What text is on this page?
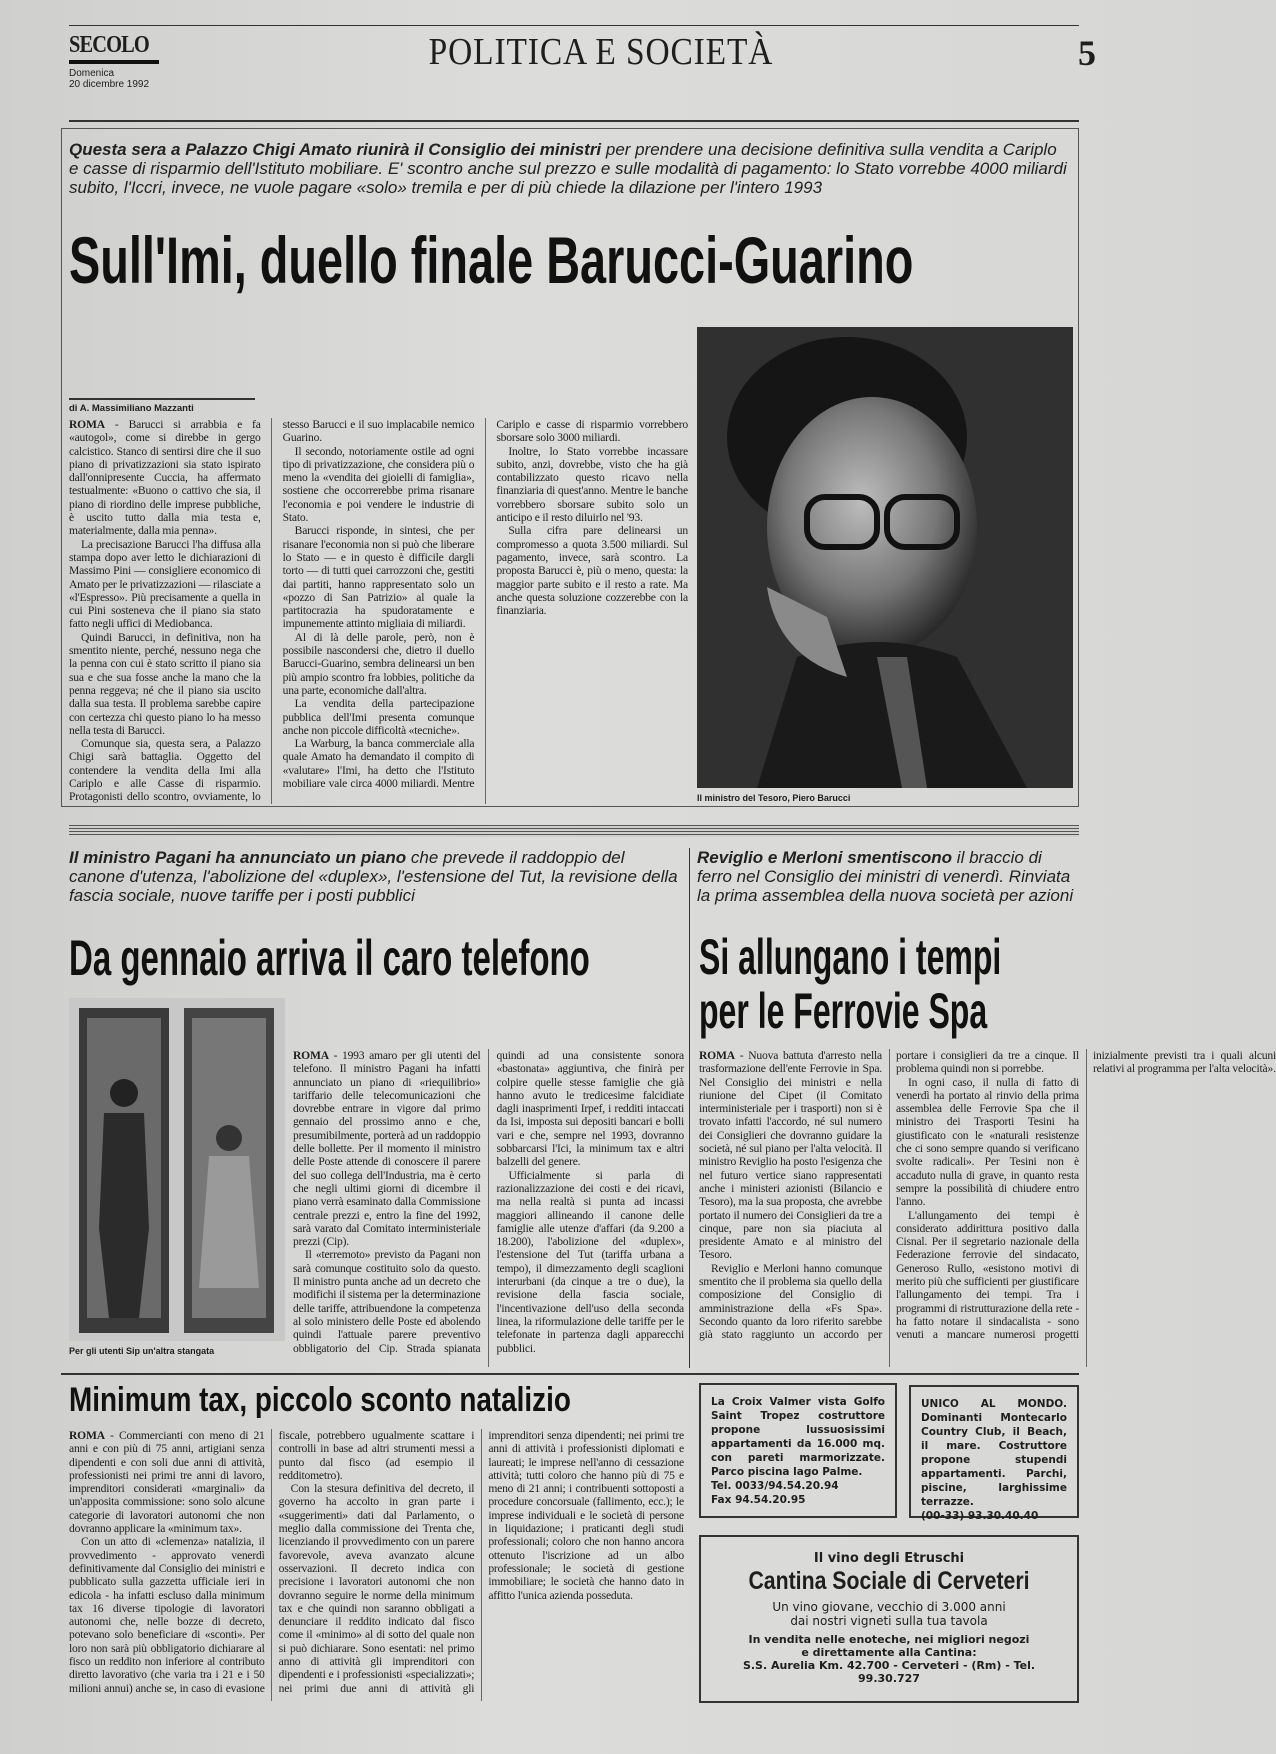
SECOLO
Domenica
20 dicembre 1992
POLITICA E SOCIETÀ	5
Questa sera a Palazzo Chigi Amato riunirà il Consiglio dei ministri per prendere una decisione definitiva sulla vendita a Cariplo e casse di risparmio dell'Istituto mobiliare. E' scontro anche sul prezzo e sulle modalità di pagamento: lo Stato vorrebbe 4000 miliardi subito, l'Iccri, invece, ne vuole pagare «solo» tremila e per di più chiede la dilazione per l'intero 1993
Sull'Imi, duello finale Barucci-Guarino
di A. Massimiliano Mazzanti

ROMA - Barucci si arrabbia e fa «autogol», come si direbbe in gergo calcistico. Stanco di sentirsi dire che il suo piano di privatizzazioni sia stato ispirato dall'onnipresente Cuccia, ha affermato testualmente: «Buono o cattivo che sia, il piano di riordino delle imprese pubbliche, è uscito tutto dalla mia testa e, materialmente, dalla mia penna».

La precisazione Barucci l'ha diffusa alla stampa dopo aver letto le dichiarazioni di Massimo Pini — consigliere economico di Amato per le privatizzazioni — rilasciate a «l'Espresso». Più precisamente a quella in cui Pini sosteneva che il piano sia stato fatto negli uffici di Mediobanca.

Quindi Barucci, in definitiva, non ha smentito niente, perché, nessuno nega che la penna con cui è stato scritto il piano sia sua e che sua fosse anche la mano che la penna reggeva; né che il piano sia uscito dalla sua testa. Il problema sarebbe capire con certezza chi questo piano lo ha messo nella testa di Barucci.

Comunque sia, questa sera, a Palazzo Chigi sarà battaglia. Oggetto del contendere la vendita della Imi alla Cariplo e alle Casse di risparmio. Protagonisti dello scontro, ovviamente, lo stesso Barucci e il suo implacabile nemico Guarino.

Il secondo, notoriamente ostile ad ogni tipo di privatizzazione, che considera più o meno la «vendita dei gioielli di famiglia», sostiene che occorrerebbe prima risanare l'economia e poi vendere le industrie di Stato.

Barucci risponde, in sintesi, che per risanare l'economia non si può che liberare lo Stato — e in questo è difficile dargli torto — di tutti quei carrozzoni che, gestiti dai partiti, hanno rappresentato solo un «pozzo di San Patrizio» al quale la partitocrazia ha spudoratamente e impunemente attinto migliaia di miliardi.

Al di là delle parole, però, non è possibile nascondersi che, dietro il duello Barucci-Guarino, sembra delinearsi un ben più ampio scontro fra lobbies, politiche da una parte, economiche dall'altra.

La vendita della partecipazione pubblica dell'Imi presenta comunque anche non piccole difficoltà «tecniche».

La Warburg, la banca commerciale alla quale Amato ha demandato il compito di «valutare» l'Imi, ha detto che l'Istituto mobiliare vale circa 4000 miliardi. Mentre Cariplo e casse di risparmio vorrebbero sborsare solo 3000 miliardi.

Inoltre, lo Stato vorrebbe incassare subito, anzi, dovrebbe, visto che ha già contabilizzato questo ricavo nella finanziaria di quest'anno. Mentre le banche vorrebbero sborsare subito solo un anticipo e il resto diluirlo nel '93.

Sulla cifra pare delinearsi un compromesso a quota 3.500 miliardi. Sul pagamento, invece, sarà scontro. La proposta Barucci è, più o meno, questa: la maggior parte subito e il resto a rate. Ma anche questa soluzione cozzerebbe con la finanziaria.

Il ministro del Tesoro, Piero Barucci
Il ministro Pagani ha annunciato un piano che prevede il raddoppio del canone d'utenza, l'abolizione del «duplex», l'estensione del Tut, la revisione della fascia sociale, nuove tariffe per i posti pubblici
Da gennaio arriva il caro telefono
Per gli utenti Sip un'altra stangata

ROMA - 1993 amaro per gli utenti del telefono. Il ministro Pagani ha infatti annunciato un piano di «riequilibrio» tariffario delle telecomunicazioni che dovrebbe entrare in vigore dal primo gennaio del prossimo anno e che, presumibilmente, porterà ad un raddoppio delle bollette. Per il momento il ministro delle Poste attende di conoscere il parere del suo collega dell'Industria, ma è certo che negli ultimi giorni di dicembre il piano verrà esaminato dalla Commissione centrale prezzi e, entro la fine del 1992, sarà varato dal Comitato interministeriale prezzi (Cip).

Il «terremoto» previsto da Pagani non sarà comunque costituito solo da questo. Il ministro punta anche ad un decreto che modifichi il sistema per la determinazione delle tariffe, attribuendone la competenza al solo ministero delle Poste ed abolendo quindi l'attuale parere preventivo obbligatorio del Cip. Strada spianata quindi ad una consistente sonora «bastonata» aggiuntiva, che finirà per colpire quelle stesse famiglie che già hanno avuto le tredicesime falcidiate dagli inasprimenti Irpef, i redditi intaccati da Isi, imposta sui depositi bancari e bolli vari e che, sempre nel 1993, dovranno sobbarcarsi l'Ici, la minimum tax e altri balzelli del genere.

Ufficialmente si parla di razionalizzazione dei costi e dei ricavi, ma nella realtà si punta ad incassi maggiori allineando il canone delle famiglie alle utenze d'affari (da 9.200 a 18.200), l'abolizione del «duplex», l'estensione del Tut (tariffa urbana a tempo), il dimezzamento degli scaglioni interurbani (da cinque a tre o due), la revisione della fascia sociale, l'incentivazione dell'uso della seconda linea, la riformulazione delle tariffe per le telefonate in partenza dagli apparecchi pubblici.

Reviglio e Merloni smentiscono il braccio di ferro nel Consiglio dei ministri di venerdì. Rinviata la prima assemblea della nuova società per azioni
Si allungano i tempi
per le Ferrovie Spa

ROMA - Nuova battuta d'arresto nella trasformazione dell'ente Ferrovie in Spa. Nel Consiglio dei ministri e nella riunione del Cipet (il Comitato interministeriale per i trasporti) non si è trovato infatti l'accordo, né sul numero dei Consiglieri che dovranno guidare la società, né sul piano per l'alta velocità. Il ministro Reviglio ha posto l'esigenza che nel futuro vertice siano rappresentati anche i ministeri azionisti (Bilancio e Tesoro), ma la sua proposta, che avrebbe portato il numero dei Consiglieri da tre a cinque, pare non sia piaciuta al presidente Amato e al ministro del Tesoro.

Reviglio e Merloni hanno comunque smentito che il problema sia quello della composizione del Consiglio di amministrazione della «Fs Spa». Secondo quanto da loro riferito sarebbe già stato raggiunto un accordo per portare i consiglieri da tre a cinque. Il problema quindi non si porrebbe.

In ogni caso, il nulla di fatto di venerdì ha portato al rinvio della prima assemblea delle Ferrovie Spa che il ministro dei Trasporti Tesini ha giustificato con le «naturali resistenze che ci sono sempre quando si verificano svolte radicali». Per Tesini non è accaduto nulla di grave, in quanto resta sempre la possibilità di chiudere entro l'anno.

L'allungamento dei tempi è considerato addirittura positivo dalla Cisnal. Per il segretario nazionale della Federazione ferrovie del sindacato, Generoso Rullo, «esistono motivi di merito più che sufficienti per giustificare l'allungamento dei tempi. Tra i programmi di ristrutturazione della rete - ha fatto notare il sindacalista - sono venuti a mancare numerosi progetti inizialmente previsti tra i quali alcuni relativi al programma per l'alta velocità».

Minimum tax, piccolo sconto natalizio

ROMA - Commercianti con meno di 21 anni e con più di 75 anni, artigiani senza dipendenti e con soli due anni di attività, professionisti nei primi tre anni di lavoro, imprenditori considerati «marginali» da un'apposita commissione: sono solo alcune categorie di lavoratori autonomi che non dovranno applicare la «minimum tax».

Con un atto di «clemenza» natalizia, il provvedimento - approvato venerdì definitivamente dal Consiglio dei ministri e pubblicato sulla gazzetta ufficiale ieri in edicola - ha infatti escluso dalla minimum tax 16 diverse tipologie di lavoratori autonomi che, nelle bozze di decreto, potevano solo beneficiare di «sconti». Per loro non sarà più obbligatorio dichiarare al fisco un reddito non inferiore al contributo diretto lavorativo (che varia tra i 21 e i 50 milioni annui) anche se, in caso di evasione fiscale, potrebbero ugualmente scattare i controlli in base ad altri strumenti messi a punto dal fisco (ad esempio il redditometro).

Con la stesura definitiva del decreto, il governo ha accolto in gran parte i «suggerimenti» dati dal Parlamento, o meglio dalla commissione dei Trenta che, licenziando il provvedimento con un parere favorevole, aveva avanzato alcune osservazioni. Il decreto indica con precisione i lavoratori autonomi che non dovranno seguire le norme della minimum tax e che quindi non saranno obbligati a denunciare il reddito indicato dal fisco come il «minimo» al di sotto del quale non si può dichiarare. Sono esentati: nel primo anno di attività gli imprenditori con dipendenti e i professionisti «specializzati»; nei primi due anni di attività gli imprenditori senza dipendenti; nei primi tre anni di attività i professionisti diplomati e laureati; le imprese nell'anno di cessazione attività; tutti coloro che hanno più di 75 e meno di 21 anni; i contribuenti sottoposti a procedure concorsuale (fallimento, ecc.); le imprese individuali e le società di persone in liquidazione; i praticanti degli studi professionali; coloro che non hanno ancora ottenuto l'iscrizione ad un albo professionale; le società di gestione immobiliare; le società che hanno dato in affitto l'unica azienda posseduta.

La Croix Valmer vista Golfo Saint Tropez costruttore propone lussuosissimi appartamenti da 16.000 mq. con pareti marmorizzate. Parco piscina lago Palme.
Tel. 0033/94.54.20.94
Fax 94.54.20.95
UNICO AL MONDO. Dominanti Montecarlo Country Club, il Beach, il mare. Costruttore propone stupendi appartamenti. Parchi, piscine, larghissime terrazze.
(00-33) 93.30.40.40
Il vino degli Etruschi
Cantina Sociale di Cerveteri
Un vino giovane, vecchio di 3.000 anni
dai nostri vigneti sulla tua tavola
In vendita nelle enoteche, nei migliori negozi
e direttamente alla Cantina:
S.S. Aurelia Km. 42.700 - Cerveteri - (Rm) - Tel. 99.30.727
